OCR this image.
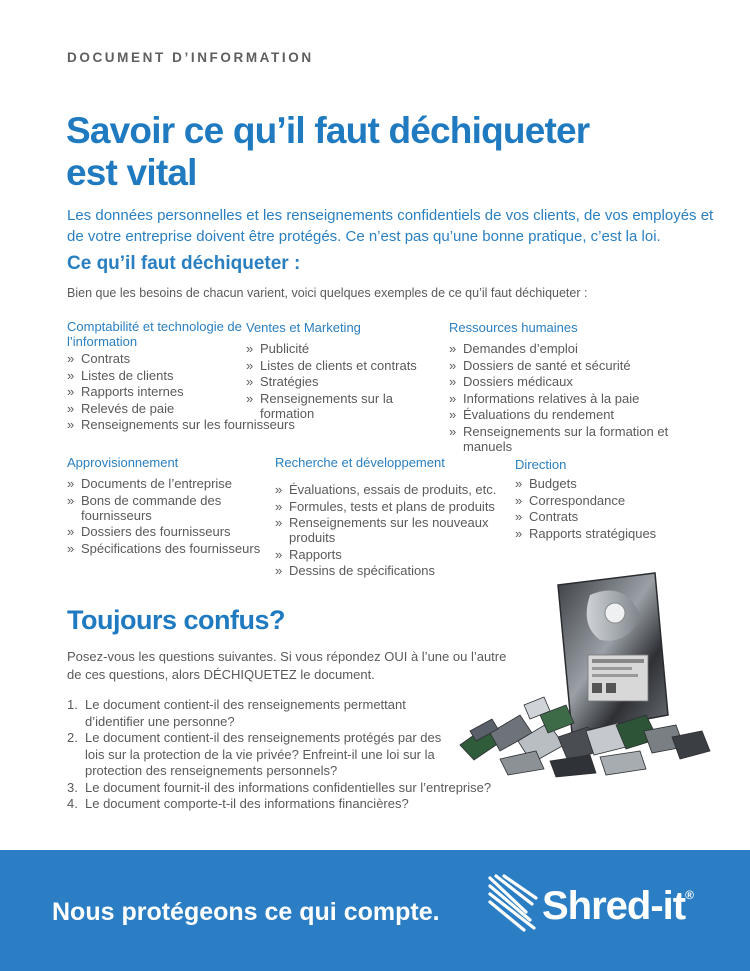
DOCUMENT D’INFORMATION
Savoir ce qu’il faut déchiqueter
est vital

Les données personnelles et les renseignements confidentiels de vos clients, de vos employés et de votre entreprise doivent être protégés. Ce n’est pas qu’une bonne pratique, c’est la loi.

Ce qu’il faut déchiqueter :

Bien que les besoins de chacun varient, voici quelques exemples de ce qu’il faut déchiqueter :

Comptabilité et technologie de l’information
» Contrats
» Listes de clients
» Rapports internes
» Relevés de paie
» Renseignements sur les fournisseurs
Ventes et Marketing
» Publicité
» Listes de clients et contrats
» Stratégies
» Renseignements sur la formation
Ressources humaines
» Demandes d’emploi
» Dossiers de santé et sécurité
» Dossiers médicaux
» Informations relatives à la paie
» Évaluations du rendement
» Renseignements sur la formation et manuels
Approvisionnement
» Documents de l’entreprise
» Bons de commande des fournisseurs
» Dossiers des fournisseurs
» Spécifications des fournisseurs
Recherche et développement
» Évaluations, essais de produits, etc.
» Formules, tests et plans de produits
» Renseignements sur les nouveaux produits
» Rapports
» Dessins de spécifications
Direction
» Budgets
» Correspondance
» Contrats
» Rapports stratégiques
Toujours confus?

Posez-vous les questions suivantes. Si vous répondez OUI à l’une ou l’autre de ces questions, alors DÉCHIQUETEZ le document.

1. Le document contient-il des renseignements permettant d’identifier une personne?
2. Le document contient-il des renseignements protégés par des lois sur la protection de la vie privée? Enfreint-il une loi sur la protection des renseignements personnels?
3. Le document fournit-il des informations confidentielles sur l’entreprise?
4. Le document comporte-t-il des informations financières?
Nous protégeons ce qui compte.	Shred-it®
